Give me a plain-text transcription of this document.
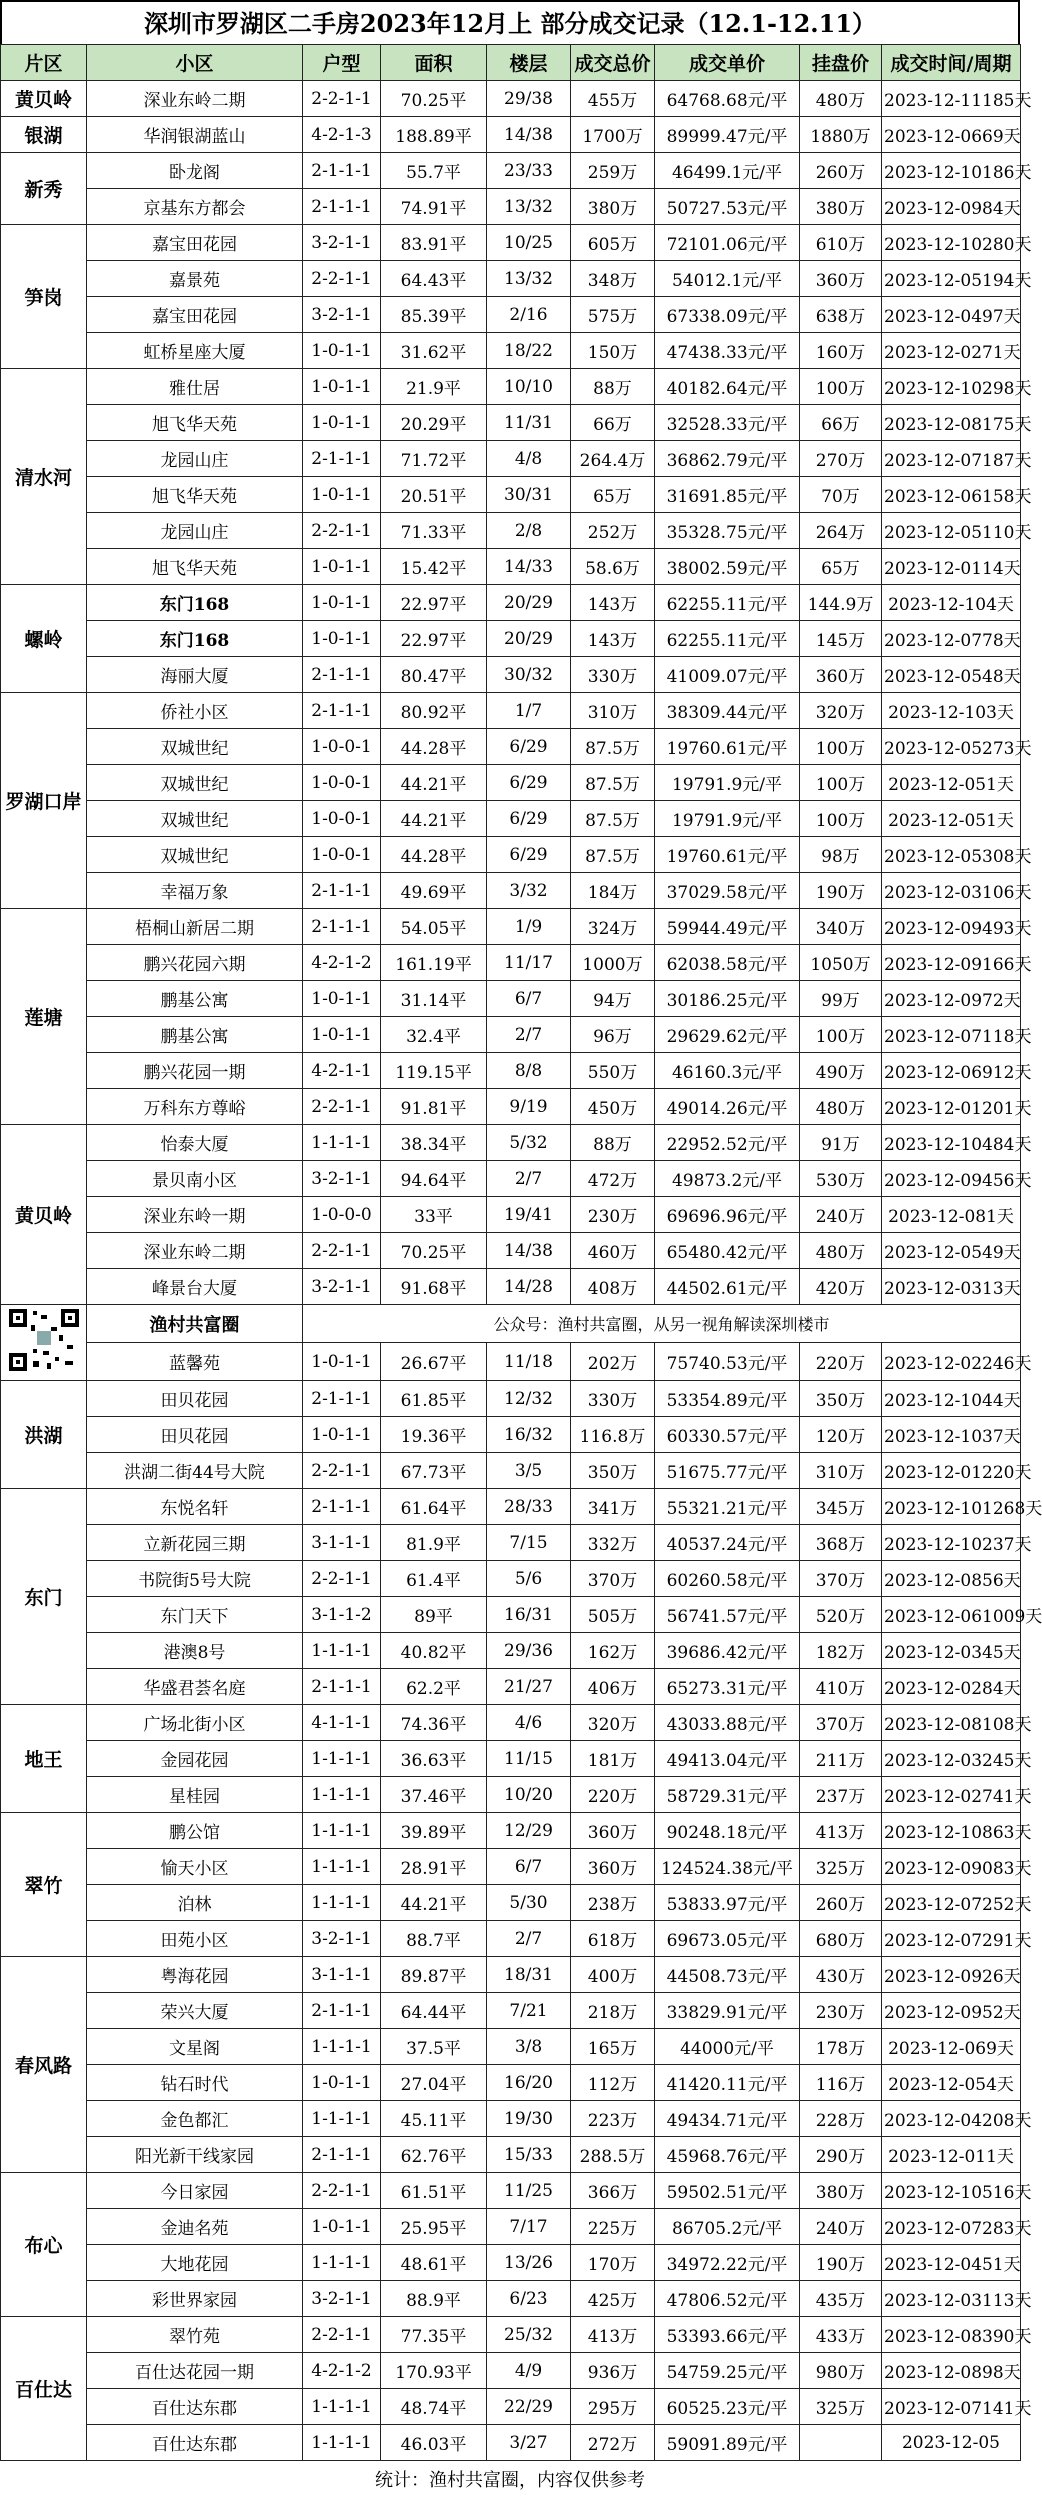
深圳市罗湖区二手房2023年12月上 部分成交记录（12.1-12.11）
片区	小区	户型	面积	楼层	成交总价	成交单价	挂盘价	成交时间/周期
黄贝岭	深业东岭二期	2-2-1-1	70.25平	29/38	455万	64768.68元/平	480万	2023-12-11185天
银湖	华润银湖蓝山	4-2-1-3	188.89平	14/38	1700万	89999.47元/平	1880万	2023-12-0669天
新秀	卧龙阁	2-1-1-1	55.7平	23/33	259万	46499.1元/平	260万	2023-12-10186天
	京基东方都会	2-1-1-1	74.91平	13/32	380万	50727.53元/平	380万	2023-12-0984天
笋岗	嘉宝田花园	3-2-1-1	83.91平	10/25	605万	72101.06元/平	610万	2023-12-10280天
	嘉景苑	2-2-1-1	64.43平	13/32	348万	54012.1元/平	360万	2023-12-05194天
	嘉宝田花园	3-2-1-1	85.39平	2/16	575万	67338.09元/平	638万	2023-12-0497天
	虹桥星座大厦	1-0-1-1	31.62平	18/22	150万	47438.33元/平	160万	2023-12-0271天
清水河	雅仕居	1-0-1-1	21.9平	10/10	88万	40182.64元/平	100万	2023-12-10298天
	旭飞华天苑	1-0-1-1	20.29平	11/31	66万	32528.33元/平	66万	2023-12-08175天
	龙园山庄	2-1-1-1	71.72平	4/8	264.4万	36862.79元/平	270万	2023-12-07187天
	旭飞华天苑	1-0-1-1	20.51平	30/31	65万	31691.85元/平	70万	2023-12-06158天
	龙园山庄	2-2-1-1	71.33平	2/8	252万	35328.75元/平	264万	2023-12-05110天
	旭飞华天苑	1-0-1-1	15.42平	14/33	58.6万	38002.59元/平	65万	2023-12-0114天
螺岭	东门168	1-0-1-1	22.97平	20/29	143万	62255.11元/平	144.9万	2023-12-104天
	东门168	1-0-1-1	22.97平	20/29	143万	62255.11元/平	145万	2023-12-0778天
	海丽大厦	2-1-1-1	80.47平	30/32	330万	41009.07元/平	360万	2023-12-0548天
罗湖口岸	侨社小区	2-1-1-1	80.92平	1/7	310万	38309.44元/平	320万	2023-12-103天
	双城世纪	1-0-0-1	44.28平	6/29	87.5万	19760.61元/平	100万	2023-12-05273天
	双城世纪	1-0-0-1	44.21平	6/29	87.5万	19791.9元/平	100万	2023-12-051天
	双城世纪	1-0-0-1	44.21平	6/29	87.5万	19791.9元/平	100万	2023-12-051天
	双城世纪	1-0-0-1	44.28平	6/29	87.5万	19760.61元/平	98万	2023-12-05308天
	幸福万象	2-1-1-1	49.69平	3/32	184万	37029.58元/平	190万	2023-12-03106天
莲塘	梧桐山新居二期	2-1-1-1	54.05平	1/9	324万	59944.49元/平	340万	2023-12-09493天
	鹏兴花园六期	4-2-1-2	161.19平	11/17	1000万	62038.58元/平	1050万	2023-12-09166天
	鹏基公寓	1-0-1-1	31.14平	6/7	94万	30186.25元/平	99万	2023-12-0972天
	鹏基公寓	1-0-1-1	32.4平	2/7	96万	29629.62元/平	100万	2023-12-07118天
	鹏兴花园一期	4-2-1-1	119.15平	8/8	550万	46160.3元/平	490万	2023-12-06912天
	万科东方尊峪	2-2-1-1	91.81平	9/19	450万	49014.26元/平	480万	2023-12-01201天
黄贝岭	怡泰大厦	1-1-1-1	38.34平	5/32	88万	22952.52元/平	91万	2023-12-10484天
	景贝南小区	3-2-1-1	94.64平	2/7	472万	49873.2元/平	530万	2023-12-09456天
	深业东岭一期	1-0-0-0	33平	19/41	230万	69696.96元/平	240万	2023-12-081天
	深业东岭二期	2-2-1-1	70.25平	14/38	460万	65480.42元/平	480万	2023-12-0549天
	峰景台大厦	3-2-1-1	91.68平	14/28	408万	44502.61元/平	420万	2023-12-0313天
	渔村共富圈	公众号：渔村共富圈，从另一视角解读深圳楼市						
	蓝馨苑	1-0-1-1	26.67平	11/18	202万	75740.53元/平	220万	2023-12-02246天
洪湖	田贝花园	2-1-1-1	61.85平	12/32	330万	53354.89元/平	350万	2023-12-1044天
	田贝花园	1-0-1-1	19.36平	16/32	116.8万	60330.57元/平	120万	2023-12-1037天
	洪湖二街44号大院	2-2-1-1	67.73平	3/5	350万	51675.77元/平	310万	2023-12-01220天
东门	东悦名轩	2-1-1-1	61.64平	28/33	341万	55321.21元/平	345万	2023-12-101268天
	立新花园三期	3-1-1-1	81.9平	7/15	332万	40537.24元/平	368万	2023-12-10237天
	书院街5号大院	2-2-1-1	61.4平	5/6	370万	60260.58元/平	370万	2023-12-0856天
	东门天下	3-1-1-2	89平	16/31	505万	56741.57元/平	520万	2023-12-061009天
	港澳8号	1-1-1-1	40.82平	29/36	162万	39686.42元/平	182万	2023-12-0345天
	华盛君荟名庭	2-1-1-1	62.2平	21/27	406万	65273.31元/平	410万	2023-12-0284天
地王	广场北街小区	4-1-1-1	74.36平	4/6	320万	43033.88元/平	370万	2023-12-08108天
	金园花园	1-1-1-1	36.63平	11/15	181万	49413.04元/平	211万	2023-12-03245天
	星桂园	1-1-1-1	37.46平	10/20	220万	58729.31元/平	237万	2023-12-02741天
翠竹	鹏公馆	1-1-1-1	39.89平	12/29	360万	90248.18元/平	413万	2023-12-10863天
	愉天小区	1-1-1-1	28.91平	6/7	360万	124524.38元/平	325万	2023-12-09083天
	泊林	1-1-1-1	44.21平	5/30	238万	53833.97元/平	260万	2023-12-07252天
	田苑小区	3-2-1-1	88.7平	2/7	618万	69673.05元/平	680万	2023-12-07291天
春风路	粤海花园	3-1-1-1	89.87平	18/31	400万	44508.73元/平	430万	2023-12-0926天
	荣兴大厦	2-1-1-1	64.44平	7/21	218万	33829.91元/平	230万	2023-12-0952天
	文星阁	1-1-1-1	37.5平	3/8	165万	44000元/平	178万	2023-12-069天
	钻石时代	1-0-1-1	27.04平	16/20	112万	41420.11元/平	116万	2023-12-054天
	金色都汇	1-1-1-1	45.11平	19/30	223万	49434.71元/平	228万	2023-12-04208天
	阳光新干线家园	2-1-1-1	62.76平	15/33	288.5万	45968.76元/平	290万	2023-12-011天
布心	今日家园	2-2-1-1	61.51平	11/25	366万	59502.51元/平	380万	2023-12-10516天
	金迪名苑	1-0-1-1	25.95平	7/17	225万	86705.2元/平	240万	2023-12-07283天
	大地花园	1-1-1-1	48.61平	13/26	170万	34972.22元/平	190万	2023-12-0451天
	彩世界家园	3-2-1-1	88.9平	6/23	425万	47806.52元/平	435万	2023-12-03113天
百仕达	翠竹苑	2-2-1-1	77.35平	25/32	413万	53393.66元/平	433万	2023-12-08390天
	百仕达花园一期	4-2-1-2	170.93平	4/9	936万	54759.25元/平	980万	2023-12-0898天
	百仕达东郡	1-1-1-1	48.74平	22/29	295万	60525.23元/平	325万	2023-12-07141天
	百仕达东郡	1-1-1-1	46.03平	3/27	272万	59091.89元/平		2023-12-05
统计：渔村共富圈，内容仅供参考
